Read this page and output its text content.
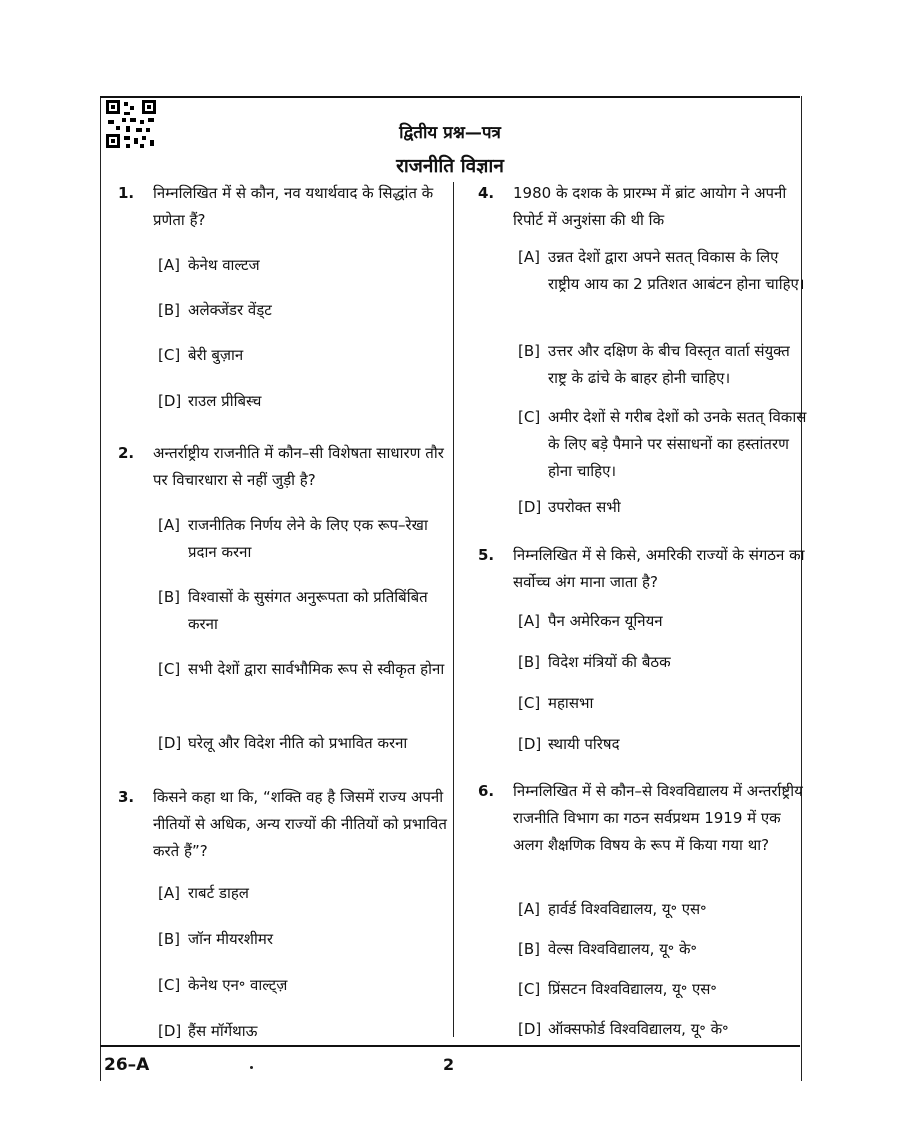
द्वितीय प्रश्न—पत्र
राजनीति विज्ञान
1.	निम्नलिखित में से कौन, नव यथार्थवाद के सिद्धांत के प्रणेता हैं?
[A] केनेथ वाल्टज
[B] अलेक्जेंडर वेंड्ट
[C] बेरी बुज़ान
[D] राउल प्रीबिस्च
2.	अन्तर्राष्ट्रीय राजनीति में कौन–सी विशेषता साधारण तौर पर विचारधारा से नहीं जुड़ी है?
[A] राजनीतिक निर्णय लेने के लिए एक रूप–रेखा प्रदान करना
[B] विश्वासों के सुसंगत अनुरूपता को प्रतिबिंबित करना
[C] सभी देशों द्वारा सार्वभौमिक रूप से स्वीकृत होना
[D] घरेलू और विदेश नीति को प्रभावित करना
3.	किसने कहा था कि, “शक्ति वह है जिसमें राज्य अपनी नीतियों से अधिक, अन्य राज्यों की नीतियों को प्रभावित करते हैं”?
[A] राबर्ट डाहल
[B] जॉन मीयरशीमर
[C] केनेथ एन॰ वाल्ट्ज़
[D] हैंस मॉर्गेथाऊ
4.	1980 के दशक के प्रारम्भ में ब्रांट आयोग ने अपनी रिपोर्ट में अनुशंसा की थी कि
[A] उन्नत देशों द्वारा अपने सतत् विकास के लिए राष्ट्रीय आय का 2 प्रतिशत आबंटन होना चाहिए।
[B] उत्तर और दक्षिण के बीच विस्तृत वार्ता संयुक्त राष्ट्र के ढांचे के बाहर होनी चाहिए।
[C] अमीर देशों से गरीब देशों को उनके सतत् विकास के लिए बड़े पैमाने पर संसाधनों का हस्तांतरण होना चाहिए।
[D] उपरोक्त सभी
5.	निम्नलिखित में से किसे, अमरिकी राज्यों के संगठन का सर्वोच्च अंग माना जाता है?
[A] पैन अमेरिकन यूनियन
[B] विदेश मंत्रियों की बैठक
[C] महासभा
[D] स्थायी परिषद
6.	निम्नलिखित में से कौन–से विश्वविद्यालय में अन्तर्राष्ट्रीय राजनीति विभाग का गठन सर्वप्रथम 1919 में एक अलग शैक्षणिक विषय के रूप में किया गया था?
[A] हार्वर्ड विश्वविद्यालय, यू॰ एस॰
[B] वेल्स विश्वविद्यालय, यू॰ के॰
[C] प्रिंसटन विश्वविद्यालय, यू॰ एस॰
[D] ऑक्सफोर्ड विश्वविद्यालय, यू॰ के॰
26–A	2
